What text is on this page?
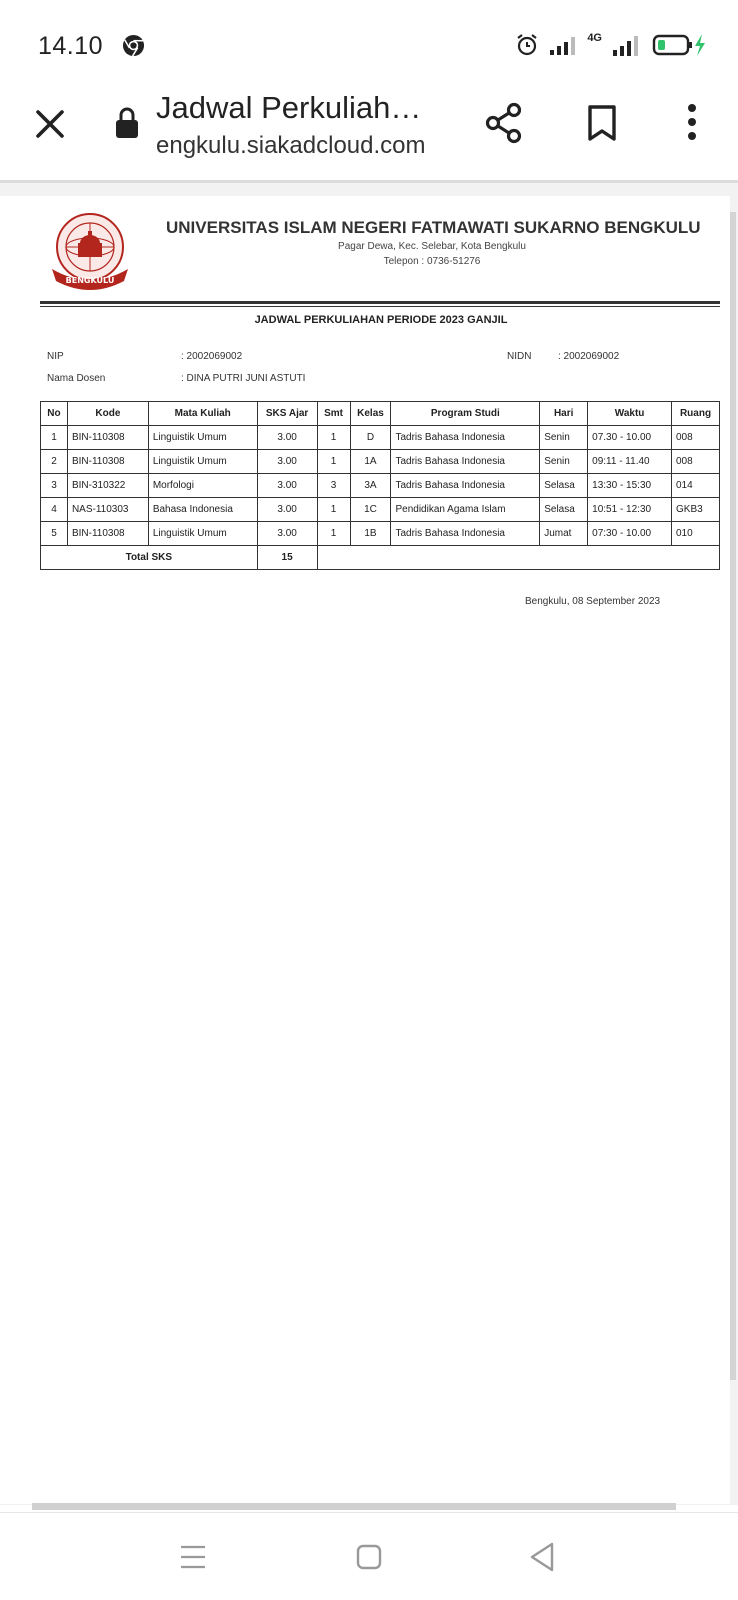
14.10	4G
Jadwal Perkuliah…
engkulu.siakadcloud.com
BENGKULU
UNIVERSITAS ISLAM NEGERI FATMAWATI SUKARNO BENGKULU
Pagar Dewa, Kec. Selebar, Kota Bengkulu
Telepon : 0736-51276
JADWAL PERKULIAHAN PERIODE 2023 GANJIL
NIP	: 2002069002	NIDN	: 2002069002
Nama Dosen	: DINA PUTRI JUNI ASTUTI
No	Kode	Mata Kuliah	SKS Ajar	Smt	Kelas	Program Studi	Hari	Waktu	Ruang
1	BIN-110308	Linguistik Umum	3.00	1	D	Tadris Bahasa Indonesia	Senin	07.30 - 10.00	008
2	BIN-110308	Linguistik Umum	3.00	1	1A	Tadris Bahasa Indonesia	Senin	09:11 - 11.40	008
3	BIN-310322	Morfologi	3.00	3	3A	Tadris Bahasa Indonesia	Selasa	13:30 - 15:30	014
4	NAS-110303	Bahasa Indonesia	3.00	1	1C	Pendidikan Agama Islam	Selasa	10:51 - 12:30	GKB3
5	BIN-110308	Linguistik Umum	3.00	1	1B	Tadris Bahasa Indonesia	Jumat	07:30 - 10.00	010
Total SKS			15						
Bengkulu, 08 September 2023
